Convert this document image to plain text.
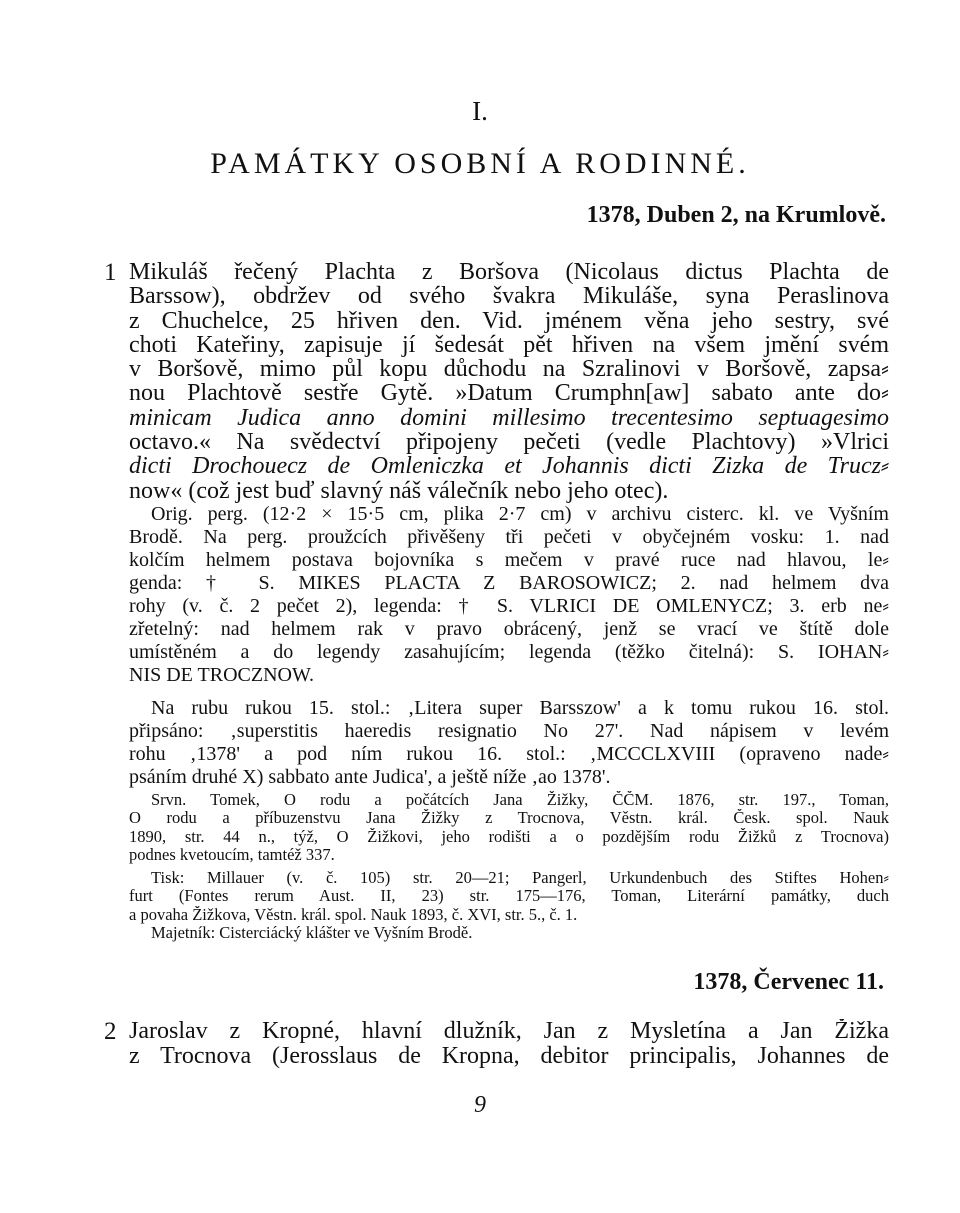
I.
PAMÁTKY OSOBNÍ A RODINNÉ.
1378, Duben 2, na Krumlově.
1 Mikuláš řečený Plachta z Boršova (Nicolaus dictus Plachta de
Barssow), obdržev od svého švakra Mikuláše, syna Peraslinova
z Chuchelce, 25 hřiven den. Vid. jménem věna jeho sestry, své
choti Kateřiny, zapisuje jí šedesát pět hřiven na všem jmění svém
v Boršově, mimo půl kopu důchodu na Szralinovi v Boršově, zapsa⸗
nou Plachtově sestře Gytě. »Datum Crumphn[aw] sabato ante do⸗
minicam Judica anno domini millesimo trecentesimo septuagesimo
octavo.« Na svědectví připojeny pečeti (vedle Plachtovy) »Vlrici
dicti Drochouecz de Omleniczka et Johannis dicti Zizka de Trucz⸗
now« (což jest buď slavný náš válečník nebo jeho otec).
Orig. perg. (12·2 × 15·5 cm, plika 2·7 cm) v archivu cisterc. kl. ve Vyšním
Brodě. Na perg. proužcích přivěšeny tři pečeti v obyčejném vosku: 1. nad
kolčím helmem postava bojovníka s mečem v pravé ruce nad hlavou, le⸗
genda: † S. MIKES PLACTA Z BAROSOWICZ; 2. nad helmem dva
rohy (v. č. 2 pečet 2), legenda: † S. VLRICI DE OMLENYCZ; 3. erb ne⸗
zřetelný: nad helmem rak v pravo obrácený, jenž se vrací ve štítě dole
umístěném a do legendy zasahujícím; legenda (těžko čitelná): S. IOHAN⸗
NIS DE TROCZNOW.
Na rubu rukou 15. stol.: ‚Litera super Barsszow' a k tomu rukou 16. stol.
připsáno: ‚superstitis haeredis resignatio No 27'. Nad nápisem v levém
rohu ‚1378' a pod ním rukou 16. stol.: ‚MCCCLXVIII (opraveno nade⸗
psáním druhé X) sabbato ante Judica', a ještě níže ‚ao 1378'.
Srvn. Tomek, O rodu a počátcích Jana Žižky, ČČM. 1876, str. 197., Toman,
O rodu a příbuzenstvu Jana Žižky z Trocnova, Věstn. král. Česk. spol. Nauk
1890, str. 44 n., týž, O Žižkovi, jeho rodišti a o pozdějším rodu Žižků z Trocnova)
podnes kvetoucím, tamtéž 337.
Tisk: Millauer (v. č. 105) str. 20—21; Pangerl, Urkundenbuch des Stiftes Hohen⸗
furt (Fontes rerum Aust. II, 23) str. 175—176, Toman, Literární památky, duch
a povaha Žižkova, Věstn. král. spol. Nauk 1893, č. XVI, str. 5., č. 1.
Majetník: Cisterciácký klášter ve Vyšním Brodě.
1378, Červenec 11.
2 Jaroslav z Kropné, hlavní dlužník, Jan z Mysletína a Jan Žižka
z Trocnova (Jerosslaus de Kropna, debitor principalis, Johannes de
9
